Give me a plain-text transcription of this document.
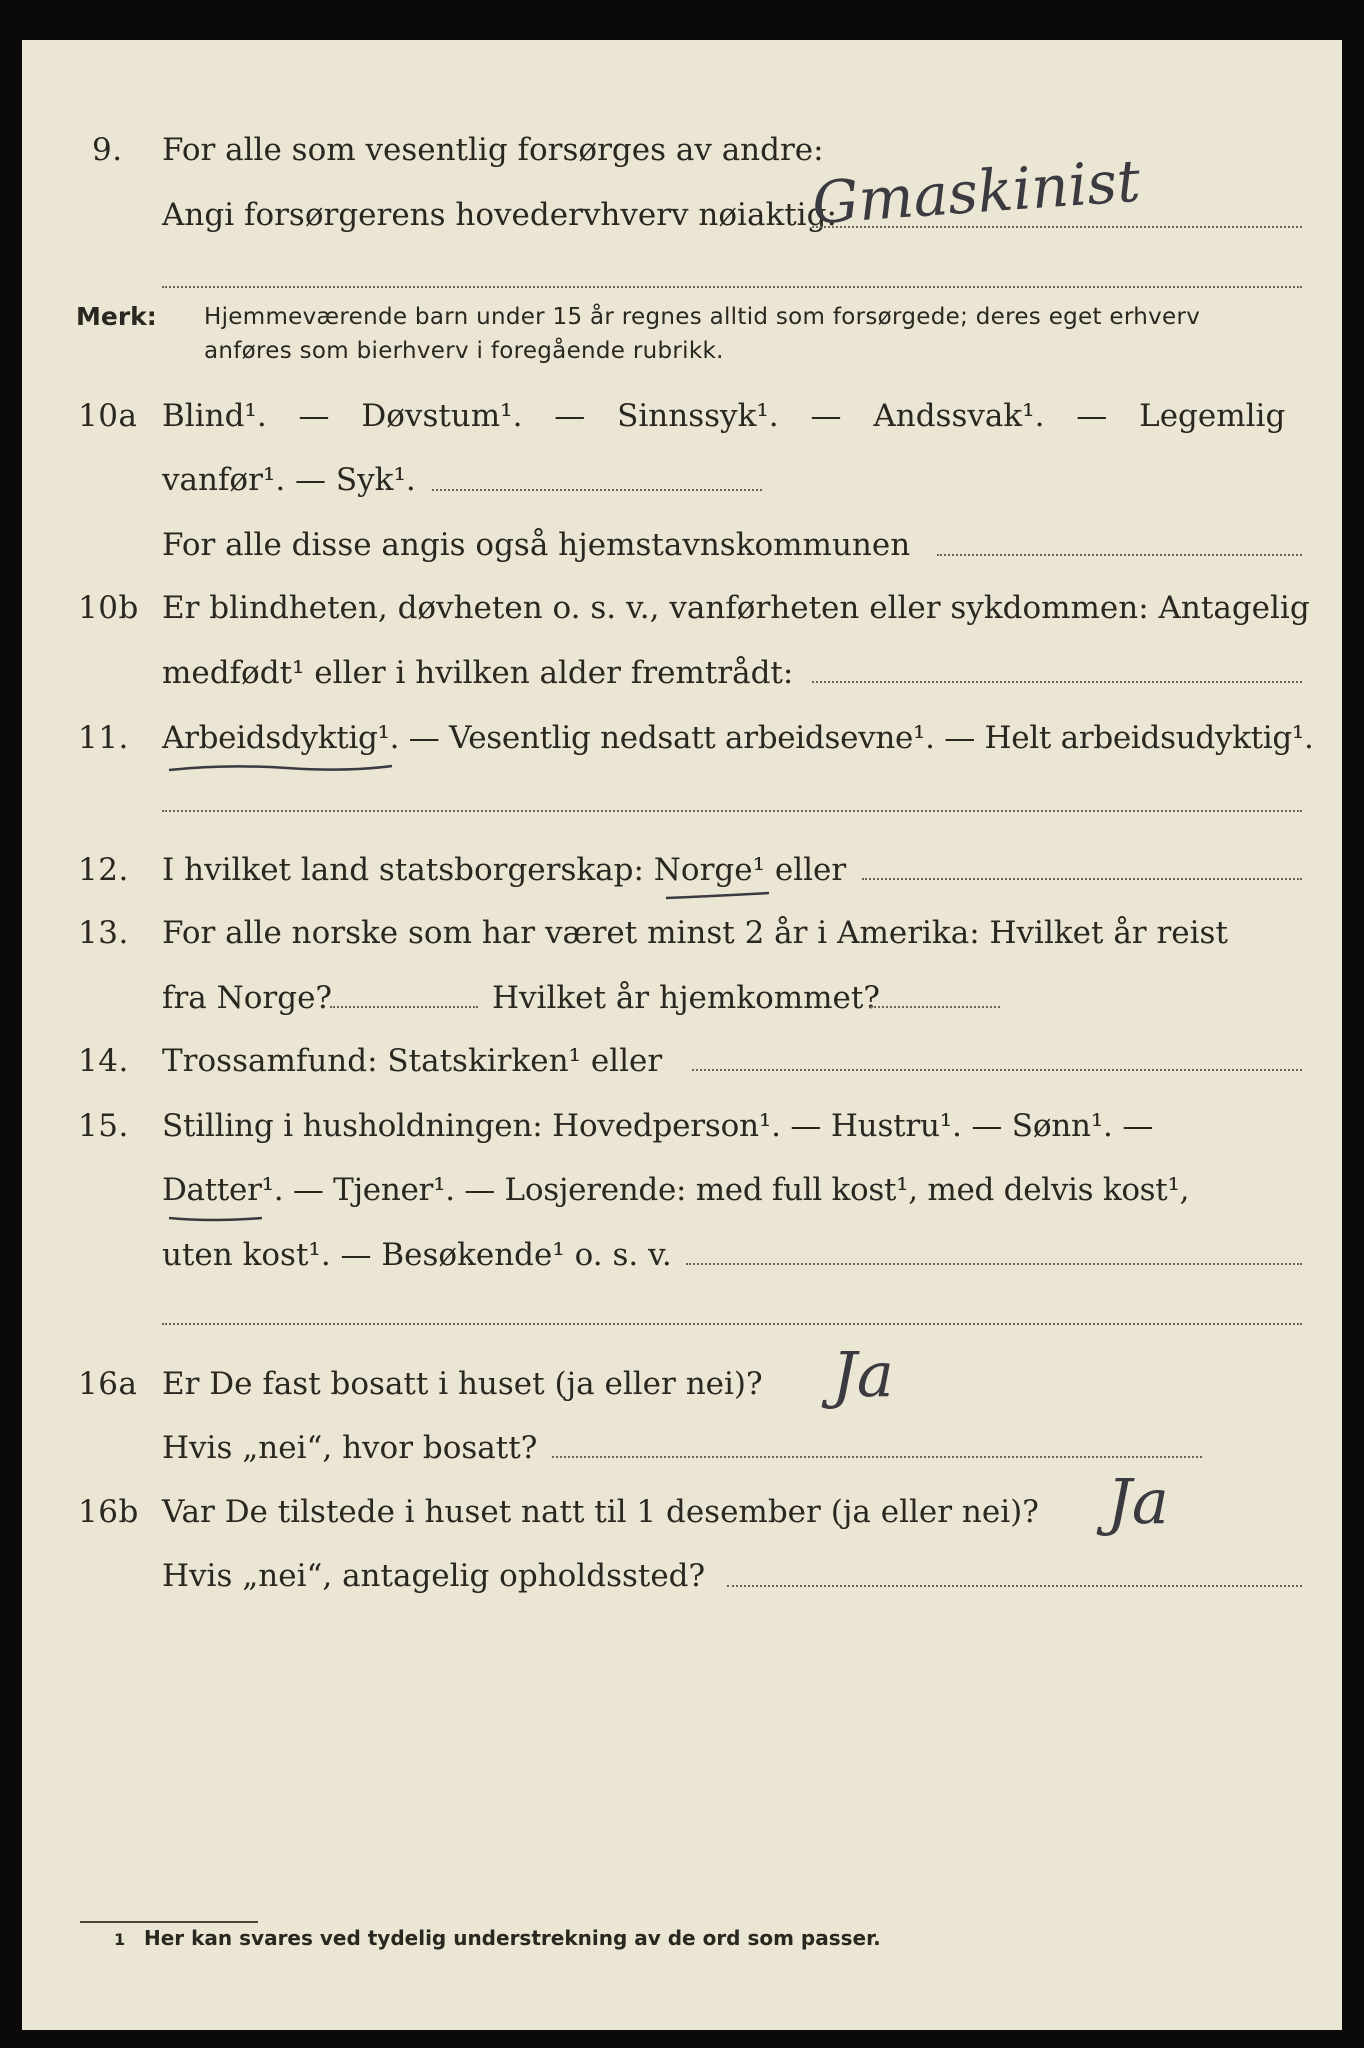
9. For alle som vesentlig forsørges av andre:
Angi forsørgerens hovedervhverv nøiaktig:
Gmaskinist
Merk: Hjemmeværende barn under 15 år regnes alltid som forsørgede; deres eget erhverv
anføres som bierhverv i foregående rubrikk.
10a Blind¹. — Døvstum¹. — Sinnssyk¹. — Andssvak¹. — Legemlig
vanfør¹. — Syk¹.
For alle disse angis også hjemstavnskommunen
10b Er blindheten, døvheten o. s. v., vanførheten eller sykdommen: Antagelig
medfødt¹ eller i hvilken alder fremtrådt:
11. Arbeidsdyktig¹. — Vesentlig nedsatt arbeidsevne¹. — Helt arbeidsudyktig¹.
12. I hvilket land statsborgerskap: Norge¹ eller
13. For alle norske som har været minst 2 år i Amerika: Hvilket år reist
fra Norge?	Hvilket år hjemkommet?
14. Trossamfund: Statskirken¹ eller
15. Stilling i husholdningen: Hovedperson¹. — Hustru¹. — Sønn¹. —
Datter¹. — Tjener¹. — Losjerende: med full kost¹, med delvis kost¹,
uten kost¹. — Besøkende¹ o. s. v.
16a Er De fast bosatt i huset (ja eller nei)? Ja
Hvis „nei“, hvor bosatt?
16b Var De tilstede i huset natt til 1 desember (ja eller nei)? Ja
Hvis „nei“, antagelig opholdssted?
1 Her kan svares ved tydelig understrekning av de ord som passer.
